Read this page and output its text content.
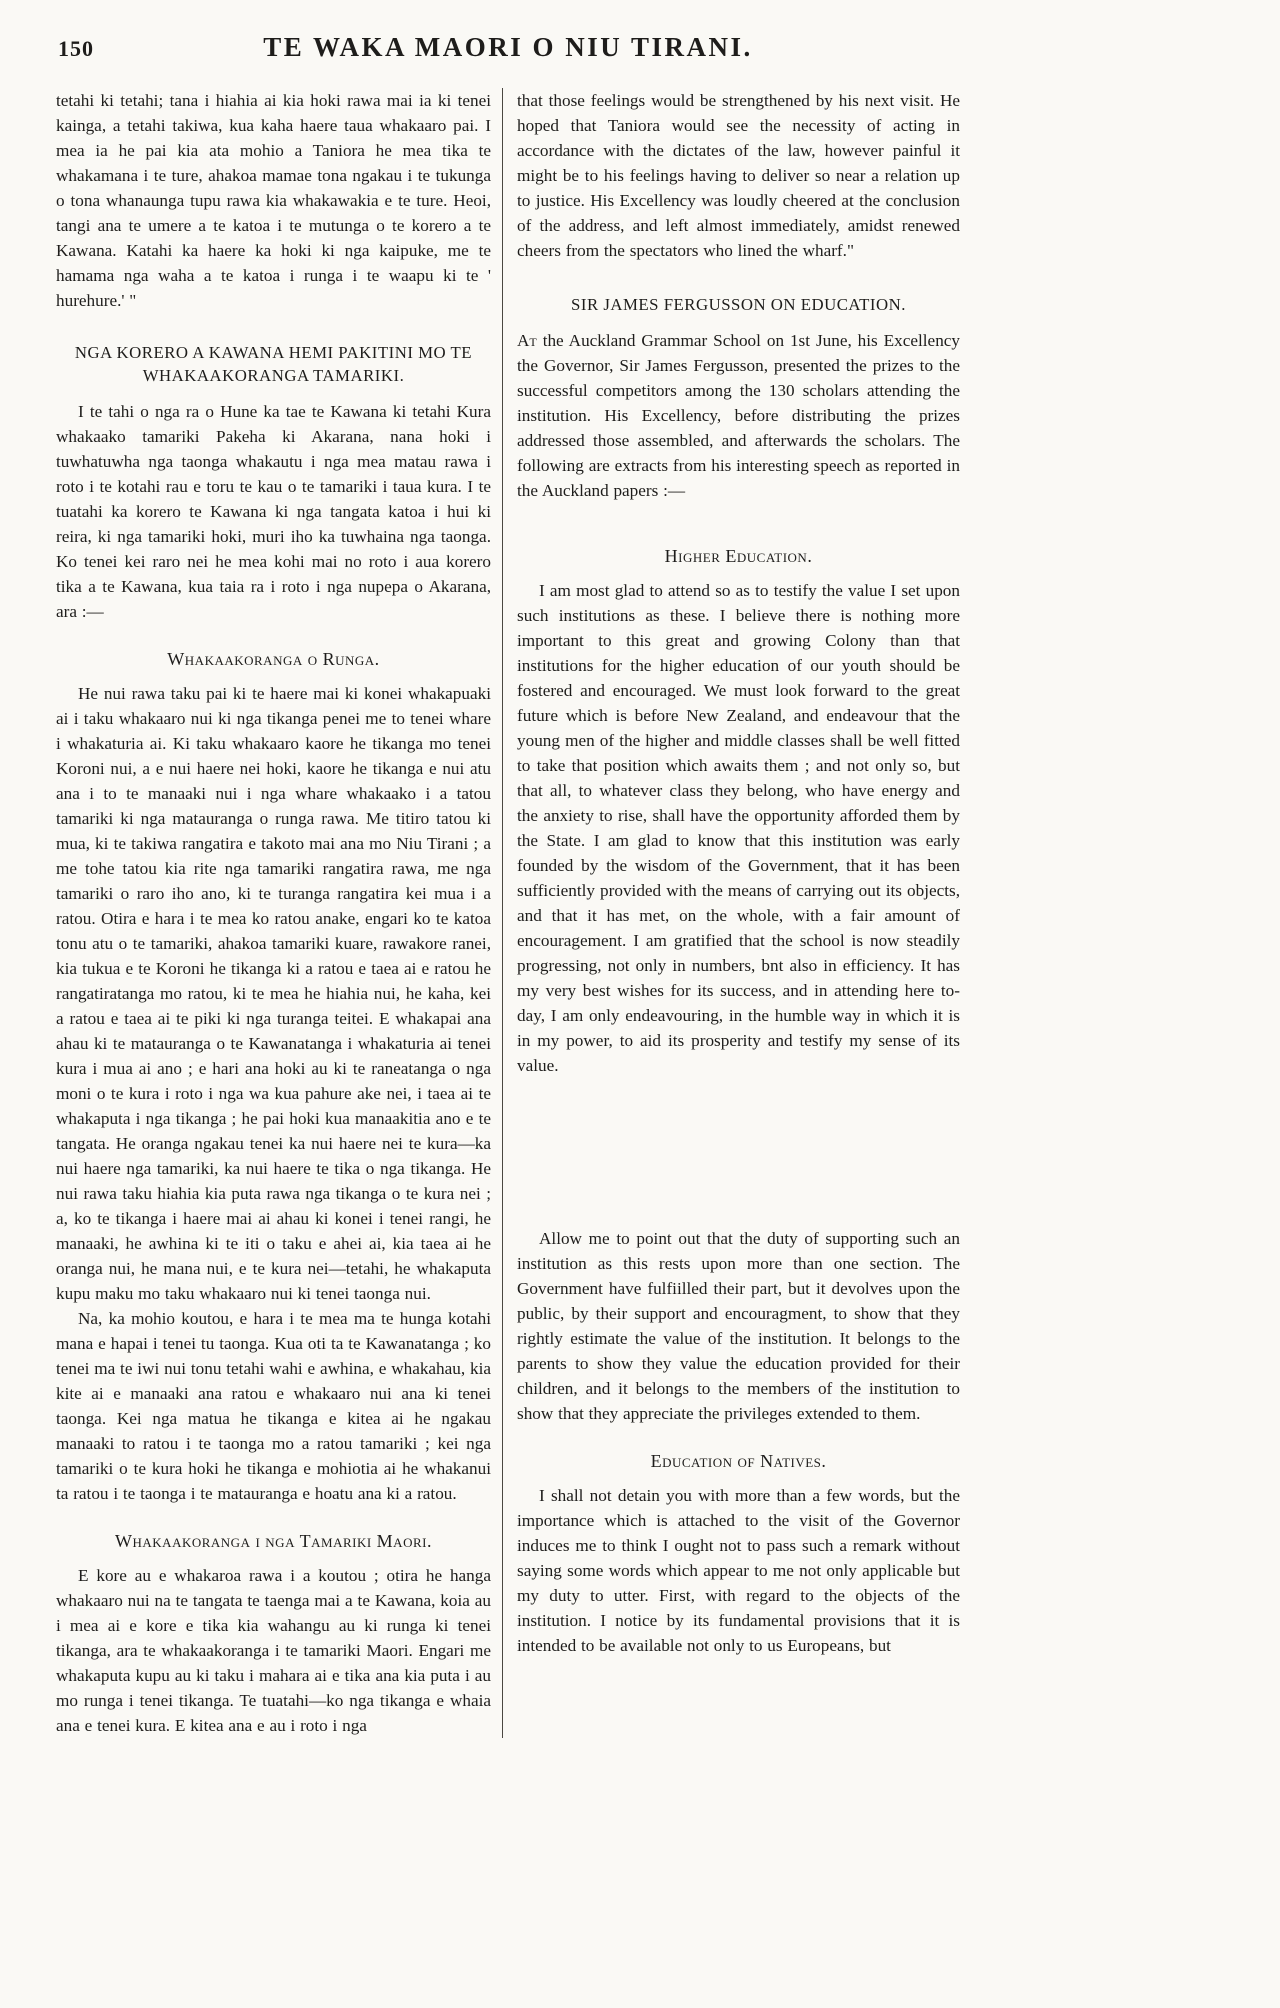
150	TE WAKA MAORI O NIU TIRANI.

tetahi ki tetahi; tana i hiahia ai kia hoki rawa mai ia ki tenei kainga, a tetahi takiwa, kua kaha haere taua whakaaro pai. I mea ia he pai kia ata mohio a Taniora he mea tika te whakamana i te ture, ahakoa mamae tona ngakau i te tukunga o tona whanaunga tupu rawa kia whakawakia e te ture. Heoi, tangi ana te umere a te katoa i te mutunga o te korero a te Kawana. Katahi ka haere ka hoki ki nga kaipuke, me te hamama nga waha a te katoa i runga i te waapu ki te ' hurehure.' "

NGA KORERO A KAWANA HEMI PAKITINI MO TE WHAKAAKORANGA TAMARIKI.

I te tahi o nga ra o Hune ka tae te Kawana ki tetahi Kura whakaako tamariki Pakeha ki Akarana, nana hoki i tuwhatuwha nga taonga whakautu i nga mea matau rawa i roto i te kotahi rau e toru te kau o te tamariki i taua kura. I te tuatahi ka korero te Kawana ki nga tangata katoa i hui ki reira, ki nga tamariki hoki, muri iho ka tuwhaina nga taonga. Ko tenei kei raro nei he mea kohi mai no roto i aua korero tika a te Kawana, kua taia ra i roto i nga nupepa o Akarana, ara :—

Whakaakoranga o Runga.

He nui rawa taku pai ki te haere mai ki konei whakapuaki ai i taku whakaaro nui ki nga tikanga penei me to tenei whare i whakaturia ai. Ki taku whakaaro kaore he tikanga mo tenei Koroni nui, a e nui haere nei hoki, kaore he tikanga e nui atu ana i to te manaaki nui i nga whare whakaako i a tatou tamariki ki nga matauranga o runga rawa. Me titiro tatou ki mua, ki te takiwa rangatira e takoto mai ana mo Niu Tirani ; a me tohe tatou kia rite nga tamariki rangatira rawa, me nga tamariki o raro iho ano, ki te turanga rangatira kei mua i a ratou. Otira e hara i te mea ko ratou anake, engari ko te katoa tonu atu o te tamariki, ahakoa tamariki kuare, rawakore ranei, kia tukua e te Koroni he tikanga ki a ratou e taea ai e ratou he rangatiratanga mo ratou, ki te mea he hiahia nui, he kaha, kei a ratou e taea ai te piki ki nga turanga teitei. E whakapai ana ahau ki te matauranga o te Kawanatanga i whakaturia ai tenei kura i mua ai ano ; e hari ana hoki au ki te raneatanga o nga moni o te kura i roto i nga wa kua pahure ake nei, i taea ai te whakaputa i nga tikanga ; he pai hoki kua manaakitia ano e te tangata. He oranga ngakau tenei ka nui haere nei te kura—ka nui haere nga tamariki, ka nui haere te tika o nga tikanga. He nui rawa taku hiahia kia puta rawa nga tikanga o te kura nei ; a, ko te tikanga i haere mai ai ahau ki konei i tenei rangi, he manaaki, he awhina ki te iti o taku e ahei ai, kia taea ai he oranga nui, he mana nui, e te kura nei—tetahi, he whakaputa kupu maku mo taku whakaaro nui ki tenei taonga nui.

Na, ka mohio koutou, e hara i te mea ma te hunga kotahi mana e hapai i tenei tu taonga. Kua oti ta te Kawanatanga ; ko tenei ma te iwi nui tonu tetahi wahi e awhina, e whakahau, kia kite ai e manaaki ana ratou e whakaaro nui ana ki tenei taonga. Kei nga matua he tikanga e kitea ai he ngakau manaaki to ratou i te taonga mo a ratou tamariki ; kei nga tamariki o te kura hoki he tikanga e mohiotia ai he whakanui ta ratou i te taonga i te matauranga e hoatu ana ki a ratou.

Whakaakoranga i nga Tamariki Maori.

E kore au e whakaroa rawa i a koutou ; otira he hanga whakaaro nui na te tangata te taenga mai a te Kawana, koia au i mea ai e kore e tika kia wahangu au ki runga ki tenei tikanga, ara te whakaakoranga i te tamariki Maori. Engari me whakaputa kupu au ki taku i mahara ai e tika ana kia puta i au mo runga i tenei tikanga. Te tuatahi—ko nga tikanga e whaia ana e tenei kura. E kitea ana e au i roto i nga

that those feelings would be strengthened by his next visit. He hoped that Taniora would see the necessity of acting in accordance with the dictates of the law, however painful it might be to his feelings having to deliver so near a relation up to justice. His Excellency was loudly cheered at the conclusion of the address, and left almost immediately, amidst renewed cheers from the spectators who lined the wharf."

SIR JAMES FERGUSSON ON EDUCATION.

At the Auckland Grammar School on 1st June, his Excellency the Governor, Sir James Fergusson, presented the prizes to the successful competitors among the 130 scholars attending the institution. His Excellency, before distributing the prizes addressed those assembled, and afterwards the scholars. The following are extracts from his interesting speech as reported in the Auckland papers :—

Higher Education.

I am most glad to attend so as to testify the value I set upon such institutions as these. I believe there is nothing more important to this great and growing Colony than that institutions for the higher education of our youth should be fostered and encouraged. We must look forward to the great future which is before New Zealand, and endeavour that the young men of the higher and middle classes shall be well fitted to take that position which awaits them ; and not only so, but that all, to whatever class they belong, who have energy and the anxiety to rise, shall have the opportunity afforded them by the State. I am glad to know that this institution was early founded by the wisdom of the Government, that it has been sufficiently provided with the means of carrying out its objects, and that it has met, on the whole, with a fair amount of encouragement. I am gratified that the school is now steadily progressing, not only in numbers, bnt also in efficiency. It has my very best wishes for its success, and in attending here to-day, I am only endeavouring, in the humble way in which it is in my power, to aid its prosperity and testify my sense of its value.

Allow me to point out that the duty of supporting such an institution as this rests upon more than one section. The Government have fulfiilled their part, but it devolves upon the public, by their support and encouragment, to show that they rightly estimate the value of the institution. It belongs to the parents to show they value the education provided for their children, and it belongs to the members of the institution to show that they appreciate the privileges extended to them.

Education of Natives.

I shall not detain you with more than a few words, but the importance which is attached to the visit of the Governor induces me to think I ought not to pass such a remark without saying some words which appear to me not only applicable but my duty to utter. First, with regard to the objects of the institution. I notice by its fundamental provisions that it is intended to be available not only to us Europeans, but
